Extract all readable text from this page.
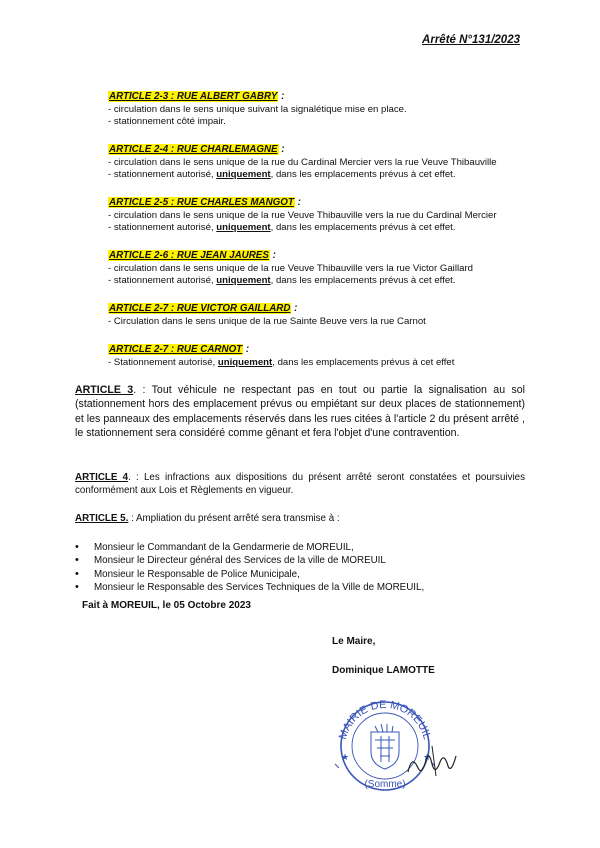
Arrêté N°131/2023
ARTICLE 2-3 : RUE ALBERT GABRY :
- circulation dans le sens unique suivant la signalétique mise en place.
- stationnement côté impair.
ARTICLE 2-4 : RUE CHARLEMAGNE :
- circulation dans le sens unique de la rue du Cardinal Mercier vers la rue Veuve Thibauville
- stationnement autorisé, uniquement, dans les emplacements prévus à cet effet.
ARTICLE 2-5 : RUE CHARLES MANGOT :
- circulation dans le sens unique de la rue Veuve Thibauville vers la rue du Cardinal Mercier
- stationnement autorisé, uniquement, dans les emplacements prévus à cet effet.
ARTICLE 2-6 : RUE JEAN JAURES :
- circulation dans le sens unique de la rue Veuve Thibauville vers la rue Victor Gaillard
- stationnement autorisé, uniquement, dans les emplacements prévus à cet effet.
ARTICLE 2-7 : RUE VICTOR GAILLARD :
- Circulation dans le sens unique de la rue Sainte Beuve vers la rue Carnot
ARTICLE 2-7 : RUE CARNOT :
- Stationnement autorisé, uniquement, dans les emplacements prévus à cet effet
ARTICLE 3. : Tout véhicule ne respectant pas en tout ou partie la signalisation au sol (stationnement hors des emplacement prévus ou empiétant sur deux places de stationnement) et les panneaux des emplacements réservés dans les rues citées à l'article 2 du présent arrêté , le stationnement sera considéré comme gênant et fera l'objet d'une contravention.
ARTICLE 4. : Les infractions aux dispositions du présent arrêté seront constatées et poursuivies conformément aux Lois et Règlements en vigueur.
ARTICLE 5. : Ampliation du présent arrêté sera transmise à :
• Monsieur le Commandant de la Gendarmerie de MOREUIL,
• Monsieur le Directeur général des Services de la ville de MOREUIL
• Monsieur le Responsable de Police Municipale,
• Monsieur le Responsable des Services Techniques de la Ville de MOREUIL,
Fait à MOREUIL, le 05 Octobre 2023
Le Maire,
Dominique LAMOTTE
MAIRIE DE MOREUIL
(Somme)
★	★
